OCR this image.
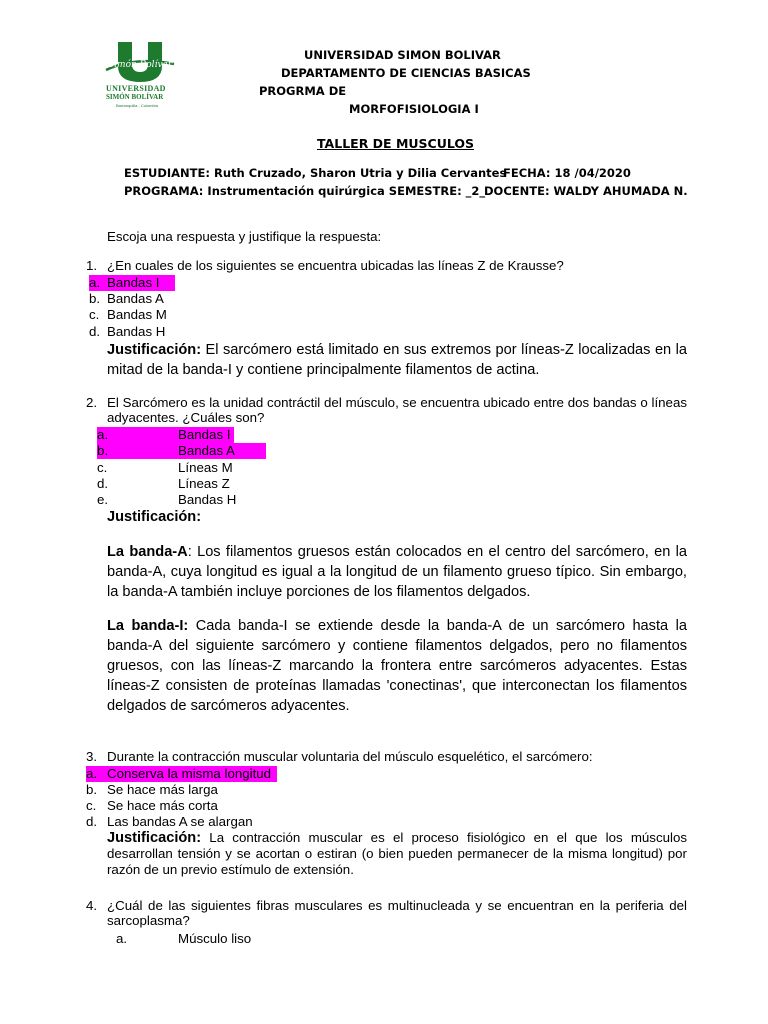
Simón Bolívar
UNIVERSIDAD
SIMÓN BOLÍVAR
Barranquilla - Colombia
UNIVERSIDAD SIMON BOLIVAR
DEPARTAMENTO DE CIENCIAS BASICAS
PROGRMA DE
MORFOFISIOLOGIA I
TALLER DE MUSCULOS
ESTUDIANTE: Ruth Cruzado, Sharon Utria y Dilia Cervantes
FECHA: 18 /04/2020
PROGRAMA: Instrumentación quirúrgica SEMESTRE: _2_
DOCENTE: WALDY AHUMADA N.
Escoja una respuesta y justifique la respuesta:
1. ¿En cuales de los siguientes se encuentra ubicadas las líneas Z de Krausse?
a. Bandas I
b. Bandas A
c. Bandas M
d. Bandas H
Justificación: El sarcómero está limitado en sus extremos por líneas-Z localizadas en la mitad de la banda-I y contiene principalmente filamentos de actina.
2. El Sarcómero es la unidad contráctil del músculo, se encuentra ubicado entre dos bandas o líneas adyacentes. ¿Cuáles son?
a.	Bandas I
b.	Bandas A
c.	Líneas M
d.	Líneas Z
e.	Bandas H
Justificación:
La banda-A: Los filamentos gruesos están colocados en el centro del sarcómero, en la banda-A, cuya longitud es igual a la longitud de un filamento grueso típico. Sin embargo, la banda-A también incluye porciones de los filamentos delgados.
La banda-I: Cada banda-I se extiende desde la banda-A de un sarcómero hasta la banda-A del siguiente sarcómero y contiene filamentos delgados, pero no filamentos gruesos, con las líneas-Z marcando la frontera entre sarcómeros adyacentes. Estas líneas-Z consisten de proteínas llamadas 'conectinas', que interconectan los filamentos delgados de sarcómeros adyacentes.
3. Durante la contracción muscular voluntaria del músculo esquelético, el sarcómero:
a. Conserva la misma longitud
b. Se hace más larga
c. Se hace más corta
d. Las bandas A se alargan
Justificación: La contracción muscular es el proceso fisiológico en el que los músculos desarrollan tensión y se acortan o estiran (o bien pueden permanecer de la misma longitud) por razón de un previo estímulo de extensión.
4. ¿Cuál de las siguientes fibras musculares es multinucleada y se encuentran en la periferia del sarcoplasma?
a.	Músculo liso
